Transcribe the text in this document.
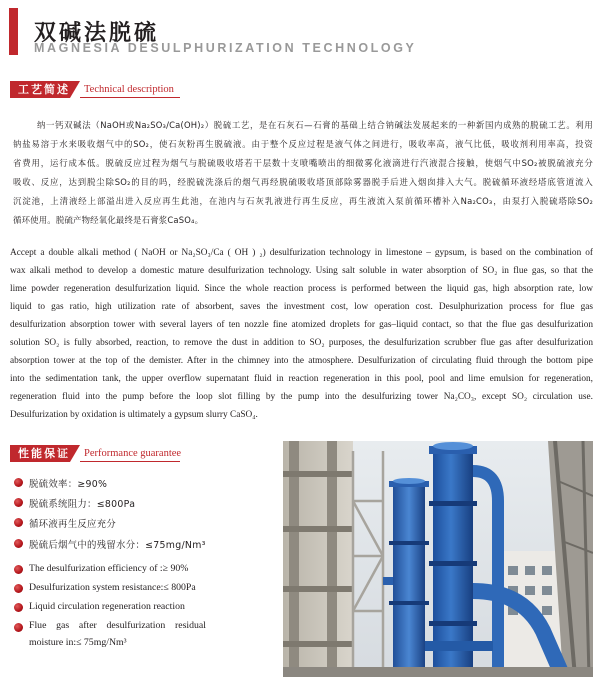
双碱法脱硫
MAGNESIA DESULPHURIZATION TECHNOLOGY
工艺简述 Technical description
纳一钙双碱法（NaOH或Na₂SO₃/Ca(OH)₂）脱硫工艺，是在石灰石—石膏的基础上结合钠碱法发展起来的一种新国内成熟的脱硫工艺。利用
钠盐易溶于水来吸收烟气中的SO₂，使石灰粉再生脱硫液。由于整个反应过程是液气体之间进行，吸收率高，液气比低，吸收剂利用率高，投资
省费用，运行成本低。脱硫反应过程为烟气与脱硫吸收塔若干层数十支喷嘴喷出的细微雾化液滴进行汽液混合接触，使烟气中SO₂被脱硫液充分
吸收、反应，达到脱尘除SO₂的目的吗，经脱硫洗涤后的烟气再经脱硫吸收塔顶部除雾器脱手后进入烟囱排入大气。脱硫循环液经塔底管道流入
沉淀池，上清液经上部溢出进入反应再生此池，在池内与石灰乳液进行再生反应，再生液流入泵前循环槽补入Na₂CO₃，由泵打入脱硫塔除SO₂
循环使用。脱硫产物经氧化最终是石膏浆CaSO₄。
Accept a double alkali method ( NaOH or Na₂SO₃/Ca ( OH ) ₂) desulfurization technology in limestone – gypsum, is based on the combination of
wax alkali method to develop a domestic mature desulfurization technology. Using salt soluble in water absorption of SO₂ in flue gas, so that the
lime powder regeneration desulfurization liquid. Since the whole reaction process is performed between the liquid gas, high absorption rate, low
liquid to gas ratio, high utilization rate of absorbent, saves the investment cost, low operation cost. Desulphurization process for flue gas
desulfurization absorption tower with several layers of ten nozzle fine atomized droplets for gas–liquid contact, so that the flue gas desulfurization
solution SO₂ is fully absorbed, reaction, to remove the dust in addition to SO₂ purposes, the desulfurization scrubber flue gas after desulfurization
absorption tower at the top of the demister. After in the chimney into the atmosphere. Desulfurization of circulating fluid through the bottom pipe
into the sedimentation tank, the upper overflow supernatant fluid in reaction regeneration in this pool, pool and lime emulsion for regeneration,
regeneration fluid into the pump before the loop slot filling by the pump into the desulfurizing tower Na₂CO₃, except SO₂ circulation use.
Desulfurization by oxidation is ultimately a gypsum slurry CaSO₄.
性能保证 Performance guarantee
脱硫效率：≥90%
脱硫系统阻力：≤800Pa
循环液再生反应充分
脱硫后烟气中的残留水分：≤75mg/Nm³
The desulfurization efficiency of :≥ 90%
Desulfurization system resistance:≤ 800Pa
Liquid circulation regeneration reaction
Flue gas after desulfurization residual
moisture in:≤ 75mg/Nm³
